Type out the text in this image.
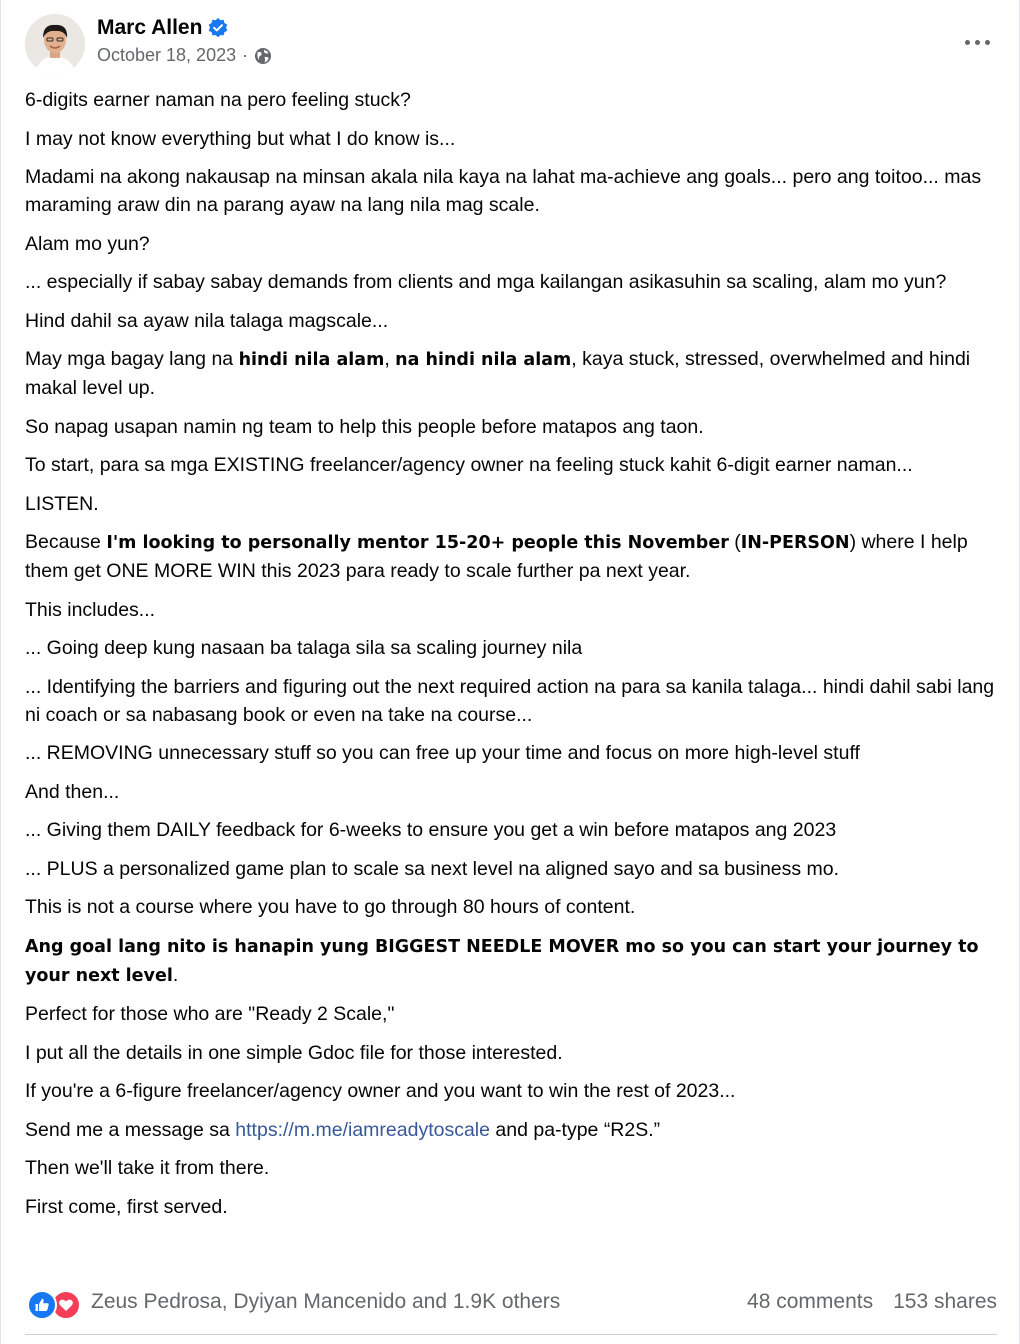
Marc Allen
October 18, 2023 ·

6-digits earner naman na pero feeling stuck?

I may not know everything but what I do know is...

Madami na akong nakausap na minsan akala nila kaya na lahat ma-achieve ang goals... pero ang toitoo... mas maraming araw din na parang ayaw na lang nila mag scale.

Alam mo yun?

... especially if sabay sabay demands from clients and mga kailangan asikasuhin sa scaling, alam mo yun?

Hind dahil sa ayaw nila talaga magscale...

May mga bagay lang na hindi nila alam, na hindi nila alam, kaya stuck, stressed, overwhelmed and hindi makal level up.

So napag usapan namin ng team to help this people before matapos ang taon.

To start, para sa mga EXISTING freelancer/agency owner na feeling stuck kahit 6-digit earner naman...

LISTEN.

Because I'm looking to personally mentor 15-20+ people this November (IN-PERSON) where I help them get ONE MORE WIN this 2023 para ready to scale further pa next year.

This includes...

... Going deep kung nasaan ba talaga sila sa scaling journey nila

... Identifying the barriers and figuring out the next required action na para sa kanila talaga... hindi dahil sabi lang ni coach or sa nabasang book or even na take na course...

... REMOVING unnecessary stuff so you can free up your time and focus on more high-level stuff

And then...

... Giving them DAILY feedback for 6-weeks to ensure you get a win before matapos ang 2023

... PLUS a personalized game plan to scale sa next level na aligned sayo and sa business mo.

This is not a course where you have to go through 80 hours of content.

Ang goal lang nito is hanapin yung BIGGEST NEEDLE MOVER mo so you can start your journey to your next level.

Perfect for those who are "Ready 2 Scale,"

I put all the details in one simple Gdoc file for those interested.

If you're a 6-figure freelancer/agency owner and you want to win the rest of 2023...

Send me a message sa https://m.me/iamreadytoscale and pa-type “R2S.”

Then we'll take it from there.

First come, first served.

Zeus Pedrosa, Dyiyan Mancenido and 1.9K others	48 comments 153 shares
